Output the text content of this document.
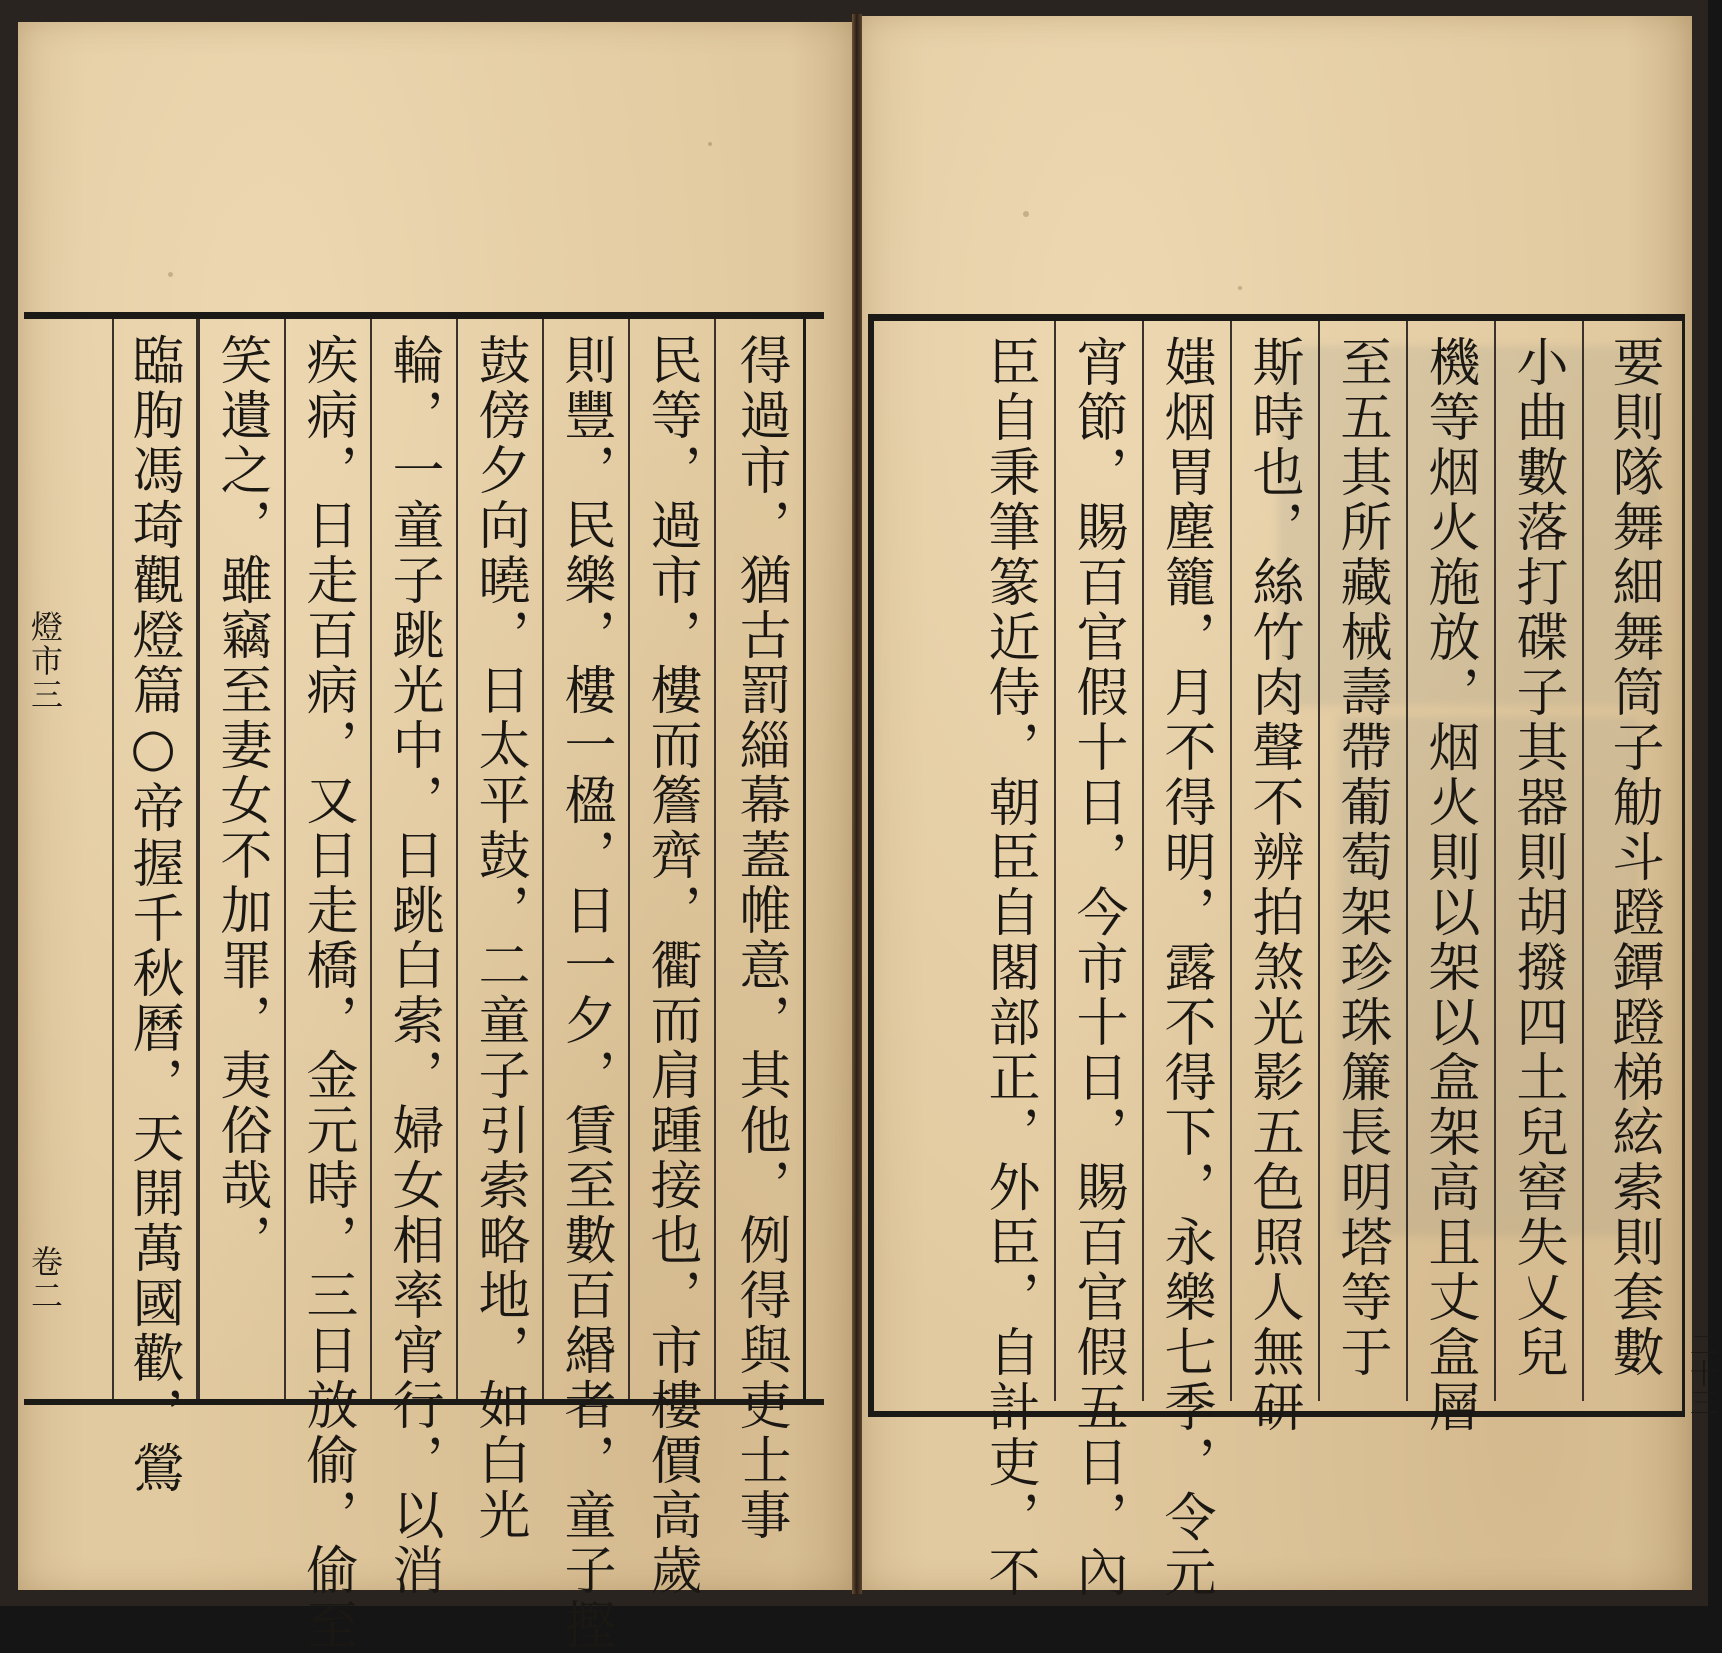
得過市，猶古罰緇幕蓋帷意，其他，例得與吏士事
民等，過市，樓而簷齊，衢而肩踵接也，市樓價高歲
則豐，民樂，樓一楹，日一夕，賃至數百緡者，童子摼
鼓傍夕向曉，日太平鼓，二童子引索略地，如白光
輪，一童子跳光中，日跳白索，婦女相率宵行，以消
疾病，日走百病，又日走橋，金元時，三日放偷，偷至
笑遺之，雖竊至妻女不加罪，夷俗哉，
臨朐馮琦觀燈篇○帝握千秋曆，天開萬國歡，鶯
燈市三
卷二	要則隊舞細舞筒子觔斗蹬鐔蹬梯絃索則套數
小曲數落打碟子其器則胡撥四土兒窖失乂兒
機等烟火施放，烟火則以架以盒架高且丈盒層
至五其所藏械壽帶葡萄架珍珠簾長明塔等于
斯時也，絲竹肉聲不辨拍煞光影五色照人無研
媸烟胃塵籠，月不得明，露不得下，永樂七季，令元
宵節，賜百官假十日，今市十日，賜百官假五日，內
臣自秉筆篆近侍，朝臣自閣部正，外臣，自計吏，不	二十三
